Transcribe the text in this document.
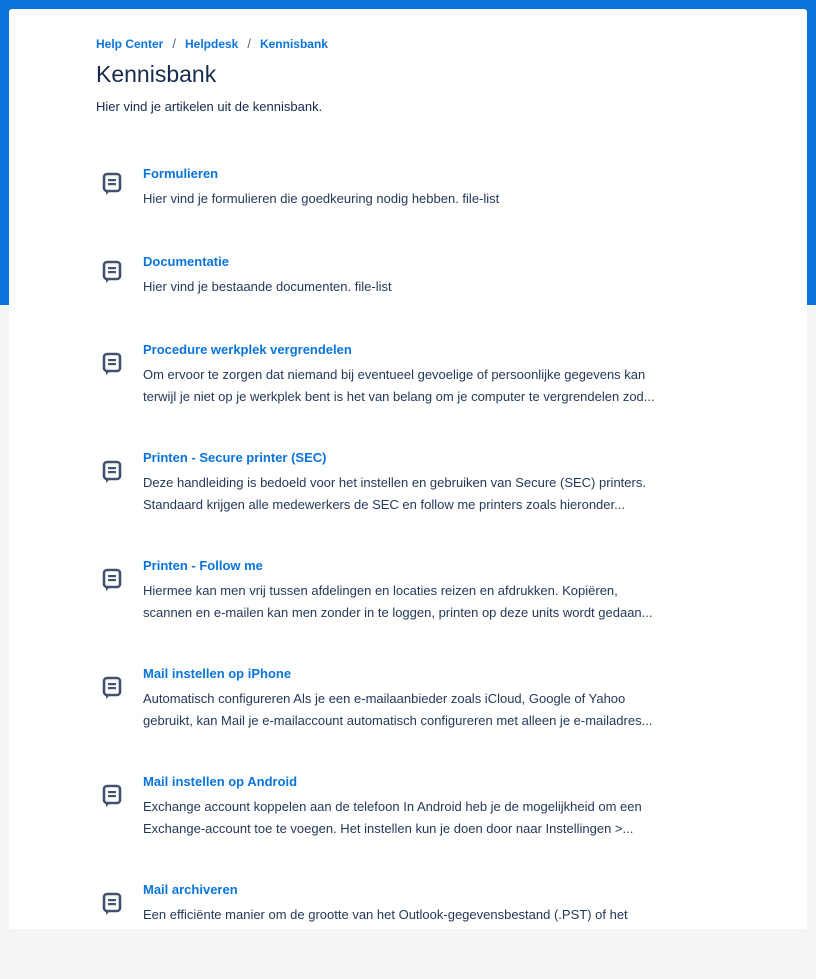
Help Center / Helpdesk / Kennisbank
Kennisbank

Hier vind je artikelen uit de kennisbank.

Formulieren

Hier vind je formulieren die goedkeuring nodig hebben. file-list

Documentatie

Hier vind je bestaande documenten. file-list

Procedure werkplek vergrendelen

Om ervoor te zorgen dat niemand bij eventueel gevoelige of persoonlijke gegevens kan
terwijl je niet op je werkplek bent is het van belang om je computer te vergrendelen zod...

Printen - Secure printer (SEC)

Deze handleiding is bedoeld voor het instellen en gebruiken van Secure (SEC) printers.
Standaard krijgen alle medewerkers de SEC en follow me printers zoals hieronder...

Printen - Follow me

Hiermee kan men vrij tussen afdelingen en locaties reizen en afdrukken. Kopiëren,
scannen en e-mailen kan men zonder in te loggen, printen op deze units wordt gedaan...

Mail instellen op iPhone

Automatisch configureren Als je een e-mailaanbieder zoals iCloud, Google of Yahoo
gebruikt, kan Mail je e-mailaccount automatisch configureren met alleen je e-mailadres...

Mail instellen op Android

Exchange account koppelen aan de telefoon In Android heb je de mogelijkheid om een
Exchange-account toe te voegen. Het instellen kun je doen door naar Instellingen >...

Mail archiveren

Een efficiënte manier om de grootte van het Outlook-gegevensbestand (.PST) of het
